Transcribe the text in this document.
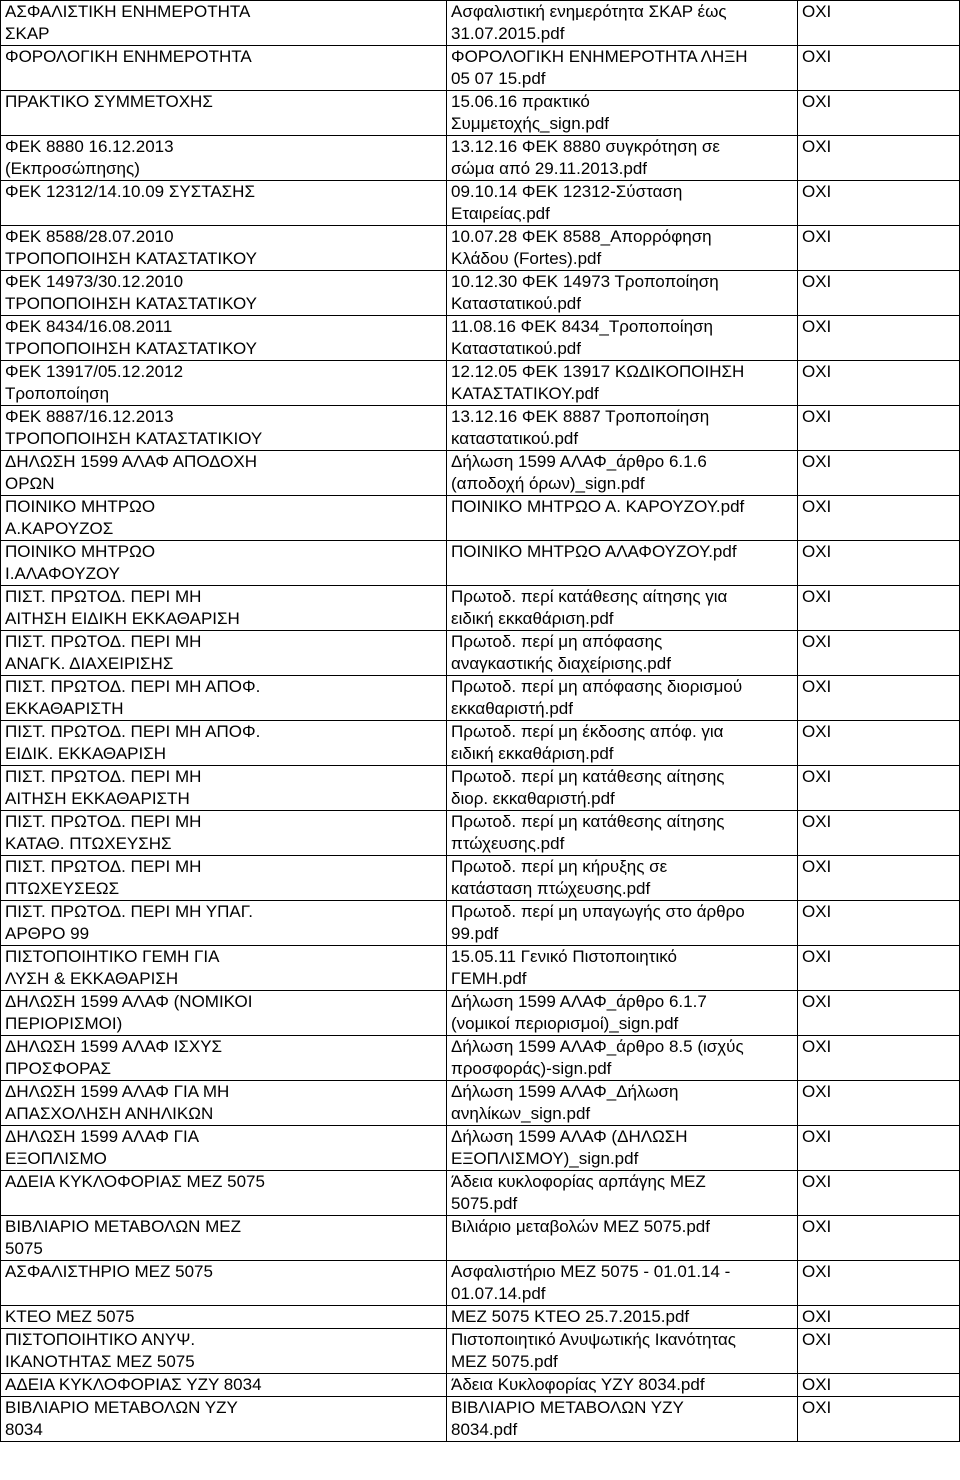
ΑΣΦΑΛΙΣΤΙΚΗ ΕΝΗΜΕΡΟΤΗΤΑ
ΣΚΑΡ	Ασφαλιστική ενημερότητα ΣΚΑΡ έως
31.07.2015.pdf	ΟΧΙ

ΦΟΡΟΛΟΓΙΚΗ ΕΝΗΜΕΡΟΤΗΤΑ	ΦΟΡΟΛΟΓΙΚΗ ΕΝΗΜΕΡΟΤΗΤΑ ΛΗΞΗ
05 07 15.pdf	ΟΧΙ

ΠΡΑΚΤΙΚΟ ΣΥΜΜΕΤΟΧΗΣ	15.06.16 πρακτικό
Συμμετοχής_sign.pdf	ΟΧΙ

ΦΕΚ 8880 16.12.2013
(Εκπροσώπησης)	13.12.16 ΦΕΚ 8880 συγκρότηση σε
σώμα από 29.11.2013.pdf	ΟΧΙ

ΦΕΚ 12312/14.10.09 ΣΥΣΤΑΣΗΣ	09.10.14 ΦΕΚ 12312-Σύσταση
Εταιρείας.pdf	ΟΧΙ

ΦΕΚ 8588/28.07.2010
ΤΡΟΠΟΠΟΙΗΣΗ ΚΑΤΑΣΤΑΤΙΚΟΥ	10.07.28 ΦΕΚ 8588_Απορρόφηση
Κλάδου (Fortes).pdf	ΟΧΙ

ΦΕΚ 14973/30.12.2010
ΤΡΟΠΟΠΟΙΗΣΗ ΚΑΤΑΣΤΑΤΙΚΟΥ	10.12.30 ΦΕΚ 14973 Τροποποίηση
Καταστατικού.pdf	ΟΧΙ

ΦΕΚ 8434/16.08.2011
ΤΡΟΠΟΠΟΙΗΣΗ ΚΑΤΑΣΤΑΤΙΚΟΥ	11.08.16 ΦΕΚ 8434_Τροποποίηση
Καταστατικού.pdf	ΟΧΙ

ΦΕΚ 13917/05.12.2012
Τροποποίηση	12.12.05 ΦΕΚ 13917 ΚΩΔΙΚΟΠΟΙΗΣΗ
ΚΑΤΑΣΤΑΤΙΚΟΥ.pdf	ΟΧΙ

ΦΕΚ 8887/16.12.2013
ΤΡΟΠΟΠΟΙΗΣΗ ΚΑΤΑΣΤΑΤΙΚΙΟΥ	13.12.16 ΦΕΚ 8887 Τροποποίηση
καταστατικού.pdf	ΟΧΙ

ΔΗΛΩΣΗ 1599 ΑΛΑΦ ΑΠΟΔΟΧΗ
ΟΡΩΝ	Δήλωση 1599 ΑΛΑΦ_άρθρο 6.1.6
(αποδοχή όρων)_sign.pdf	ΟΧΙ

ΠΟΙΝΙΚΟ ΜΗΤΡΩΟ
Α.ΚΑΡΟΥΖΟΣ	ΠΟΙΝΙΚΟ ΜΗΤΡΩΟ Α. ΚΑΡΟΥΖΟΥ.pdf	ΟΧΙ

ΠΟΙΝΙΚΟ ΜΗΤΡΩΟ
Ι.ΑΛΑΦΟΥΖΟΥ	ΠΟΙΝΙΚΟ ΜΗΤΡΩΟ ΑΛΑΦΟΥΖΟΥ.pdf	ΟΧΙ

ΠΙΣΤ. ΠΡΩΤΟΔ. ΠΕΡΙ ΜΗ
ΑΙΤΗΣΗ ΕΙΔΙΚΗ ΕΚΚΑΘΑΡΙΣΗ	Πρωτοδ. περί κατάθεσης αίτησης για
ειδική εκκαθάριση.pdf	ΟΧΙ

ΠΙΣΤ. ΠΡΩΤΟΔ. ΠΕΡΙ ΜΗ
ΑΝΑΓΚ. ΔΙΑΧΕΙΡΙΣΗΣ	Πρωτοδ. περί μη απόφασης
αναγκαστικής διαχείρισης.pdf	ΟΧΙ

ΠΙΣΤ. ΠΡΩΤΟΔ. ΠΕΡΙ ΜΗ ΑΠΟΦ.
ΕΚΚΑΘΑΡΙΣΤΗ	Πρωτοδ. περί μη απόφασης διορισμού
εκκαθαριστή.pdf	ΟΧΙ

ΠΙΣΤ. ΠΡΩΤΟΔ. ΠΕΡΙ ΜΗ ΑΠΟΦ.
ΕΙΔΙΚ. ΕΚΚΑΘΑΡΙΣΗ	Πρωτοδ. περί μη έκδοσης απόφ. για
ειδική εκκαθάριση.pdf	ΟΧΙ

ΠΙΣΤ. ΠΡΩΤΟΔ. ΠΕΡΙ ΜΗ
ΑΙΤΗΣΗ ΕΚΚΑΘΑΡΙΣΤΗ	Πρωτοδ. περί μη κατάθεσης αίτησης
διορ. εκκαθαριστή.pdf	ΟΧΙ

ΠΙΣΤ. ΠΡΩΤΟΔ. ΠΕΡΙ ΜΗ
ΚΑΤΑΘ. ΠΤΩΧΕΥΣΗΣ	Πρωτοδ. περί μη κατάθεσης αίτησης
πτώχευσης.pdf	ΟΧΙ

ΠΙΣΤ. ΠΡΩΤΟΔ. ΠΕΡΙ ΜΗ
ΠΤΩΧΕΥΣΕΩΣ	Πρωτοδ. περί μη κήρυξης σε
κατάσταση πτώχευσης.pdf	ΟΧΙ

ΠΙΣΤ. ΠΡΩΤΟΔ. ΠΕΡΙ ΜΗ ΥΠΑΓ.
ΑΡΘΡΟ 99	Πρωτοδ. περί μη υπαγωγής στο άρθρο
99.pdf	ΟΧΙ

ΠΙΣΤΟΠΟΙΗΤΙΚΟ ΓΕΜΗ ΓΙΑ
ΛΥΣΗ & ΕΚΚΑΘΑΡΙΣΗ	15.05.11 Γενικό Πιστοποιητικό
ΓΕΜΗ.pdf	ΟΧΙ

ΔΗΛΩΣΗ 1599 ΑΛΑΦ (ΝΟΜΙΚΟΙ
ΠΕΡΙΟΡΙΣΜΟΙ)	Δήλωση 1599 ΑΛΑΦ_άρθρο 6.1.7
(νομικοί περιορισμοί)_sign.pdf	ΟΧΙ

ΔΗΛΩΣΗ 1599 ΑΛΑΦ ΙΣΧΥΣ
ΠΡΟΣΦΟΡΑΣ	Δήλωση 1599 ΑΛΑΦ_άρθρο 8.5 (ισχύς
προσφοράς)-sign.pdf	ΟΧΙ

ΔΗΛΩΣΗ 1599 ΑΛΑΦ ΓΙΑ ΜΗ
ΑΠΑΣΧΟΛΗΣΗ ΑΝΗΛΙΚΩΝ	Δήλωση 1599 ΑΛΑΦ_Δήλωση
ανηλίκων_sign.pdf	ΟΧΙ

ΔΗΛΩΣΗ 1599 ΑΛΑΦ ΓΙΑ
ΕΞΟΠΛΙΣΜΟ	Δήλωση 1599 ΑΛΑΦ (ΔΗΛΩΣΗ
ΕΞΟΠΛΙΣΜΟΥ)_sign.pdf	ΟΧΙ

ΑΔΕΙΑ ΚΥΚΛΟΦΟΡΙΑΣ ΜΕΖ 5075	Άδεια κυκλοφορίας αρπάγης ΜΕΖ
5075.pdf	ΟΧΙ

ΒΙΒΛΙΑΡΙΟ ΜΕΤΑΒΟΛΩΝ ΜΕΖ
5075	Βιλιάριο μεταβολών ΜΕΖ 5075.pdf	ΟΧΙ

ΑΣΦΑΛΙΣΤΗΡΙΟ ΜΕΖ 5075	Ασφαλιστήριο ΜΕΖ 5075 - 01.01.14 -
01.07.14.pdf	ΟΧΙ

ΚΤΕΟ ΜΕΖ 5075	ΜΕΖ 5075 ΚΤΕΟ 25.7.2015.pdf	ΟΧΙ

ΠΙΣΤΟΠΟΙΗΤΙΚΟ ΑΝΥΨ.
ΙΚΑΝΟΤΗΤΑΣ ΜΕΖ 5075	Πιστοποιητικό Ανυψωτικής Ικανότητας
ΜΕΖ 5075.pdf	ΟΧΙ

ΑΔΕΙΑ ΚΥΚΛΟΦΟΡΙΑΣ ΥΖΥ 8034	Άδεια Κυκλοφορίας ΥΖΥ 8034.pdf	ΟΧΙ

ΒΙΒΛΙΑΡΙΟ ΜΕΤΑΒΟΛΩΝ ΥΖΥ
8034	ΒΙΒΛΙΑΡΙΟ ΜΕΤΑΒΟΛΩΝ ΥΖΥ
8034.pdf	ΟΧΙ
